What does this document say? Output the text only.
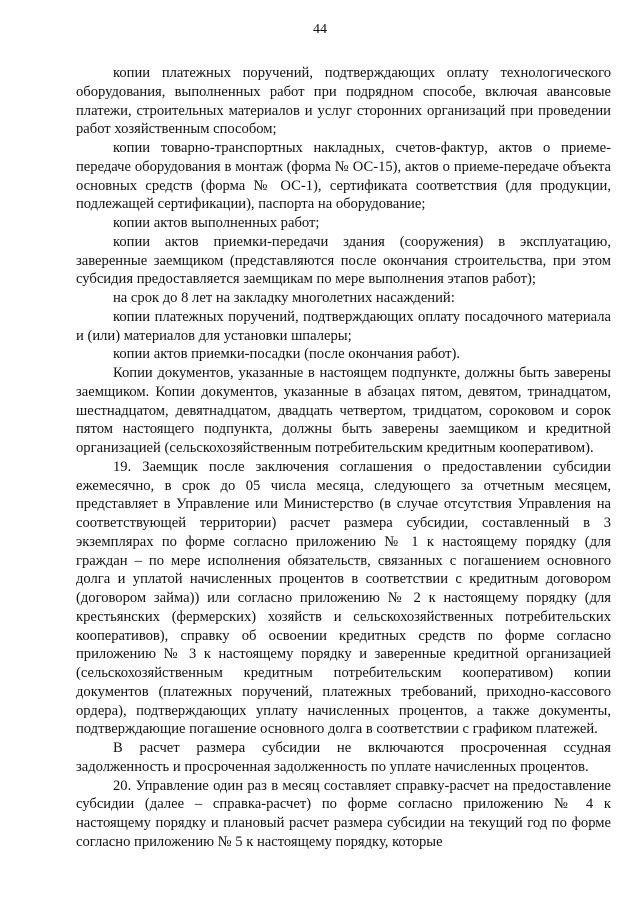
44

копии платежных поручений, подтверждающих оплату технологического оборудования, выполненных работ при подрядном способе, включая авансовые платежи, строительных материалов и услуг сторонних организаций при проведении работ хозяйственным способом;

копии товарно-транспортных накладных, счетов-фактур, актов о приеме-передаче оборудования в монтаж (форма № ОС-15), актов о приеме-передаче объекта основных средств (форма № ОС-1), сертификата соответствия (для продукции, подлежащей сертификации), паспорта на оборудование;

копии актов выполненных работ;

копии актов приемки-передачи здания (сооружения) в эксплуатацию, заверенные заемщиком (представляются после окончания строительства, при этом субсидия предоставляется заемщикам по мере выполнения этапов работ);

на срок до 8 лет на закладку многолетних насаждений:

копии платежных поручений, подтверждающих оплату посадочного материала и (или) материалов для установки шпалеры;

копии актов приемки-посадки (после окончания работ).

Копии документов, указанные в настоящем подпункте, должны быть заверены заемщиком. Копии документов, указанные в абзацах пятом, девятом, тринадцатом, шестнадцатом, девятнадцатом, двадцать четвертом, тридцатом, сороковом и сорок пятом настоящего подпункта, должны быть заверены заемщиком и кредитной организацией (сельскохозяйственным потребительским кредитным кооперативом).

19. Заемщик после заключения соглашения о предоставлении субсидии ежемесячно, в срок до 05 числа месяца, следующего за отчетным месяцем, представляет в Управление или Министерство (в случае отсутствия Управления на соответствующей территории) расчет размера субсидии, составленный в 3 экземплярах по форме согласно приложению № 1 к настоящему порядку (для граждан – по мере исполнения обязательств, связанных с погашением основного долга и уплатой начисленных процентов в соответствии с кредитным договором (договором займа)) или согласно приложению № 2 к настоящему порядку (для крестьянских (фермерских) хозяйств и сельскохозяйственных потребительских кооперативов), справку об освоении кредитных средств по форме согласно приложению № 3 к настоящему порядку и заверенные кредитной организацией (сельскохозяйственным кредитным потребительским кооперативом) копии документов (платежных поручений, платежных требований, приходно-кассового ордера), подтверждающих уплату начисленных процентов, а также документы, подтверждающие погашение основного долга в соответствии с графиком платежей.

В расчет размера субсидии не включаются просроченная ссудная задолженность и просроченная задолженность по уплате начисленных процентов.

20. Управление один раз в месяц составляет справку-расчет на предоставление субсидии (далее – справка-расчет) по форме согласно приложению № 4 к настоящему порядку и плановый расчет размера субсидии на текущий год по форме согласно приложению № 5 к настоящему порядку, которые
